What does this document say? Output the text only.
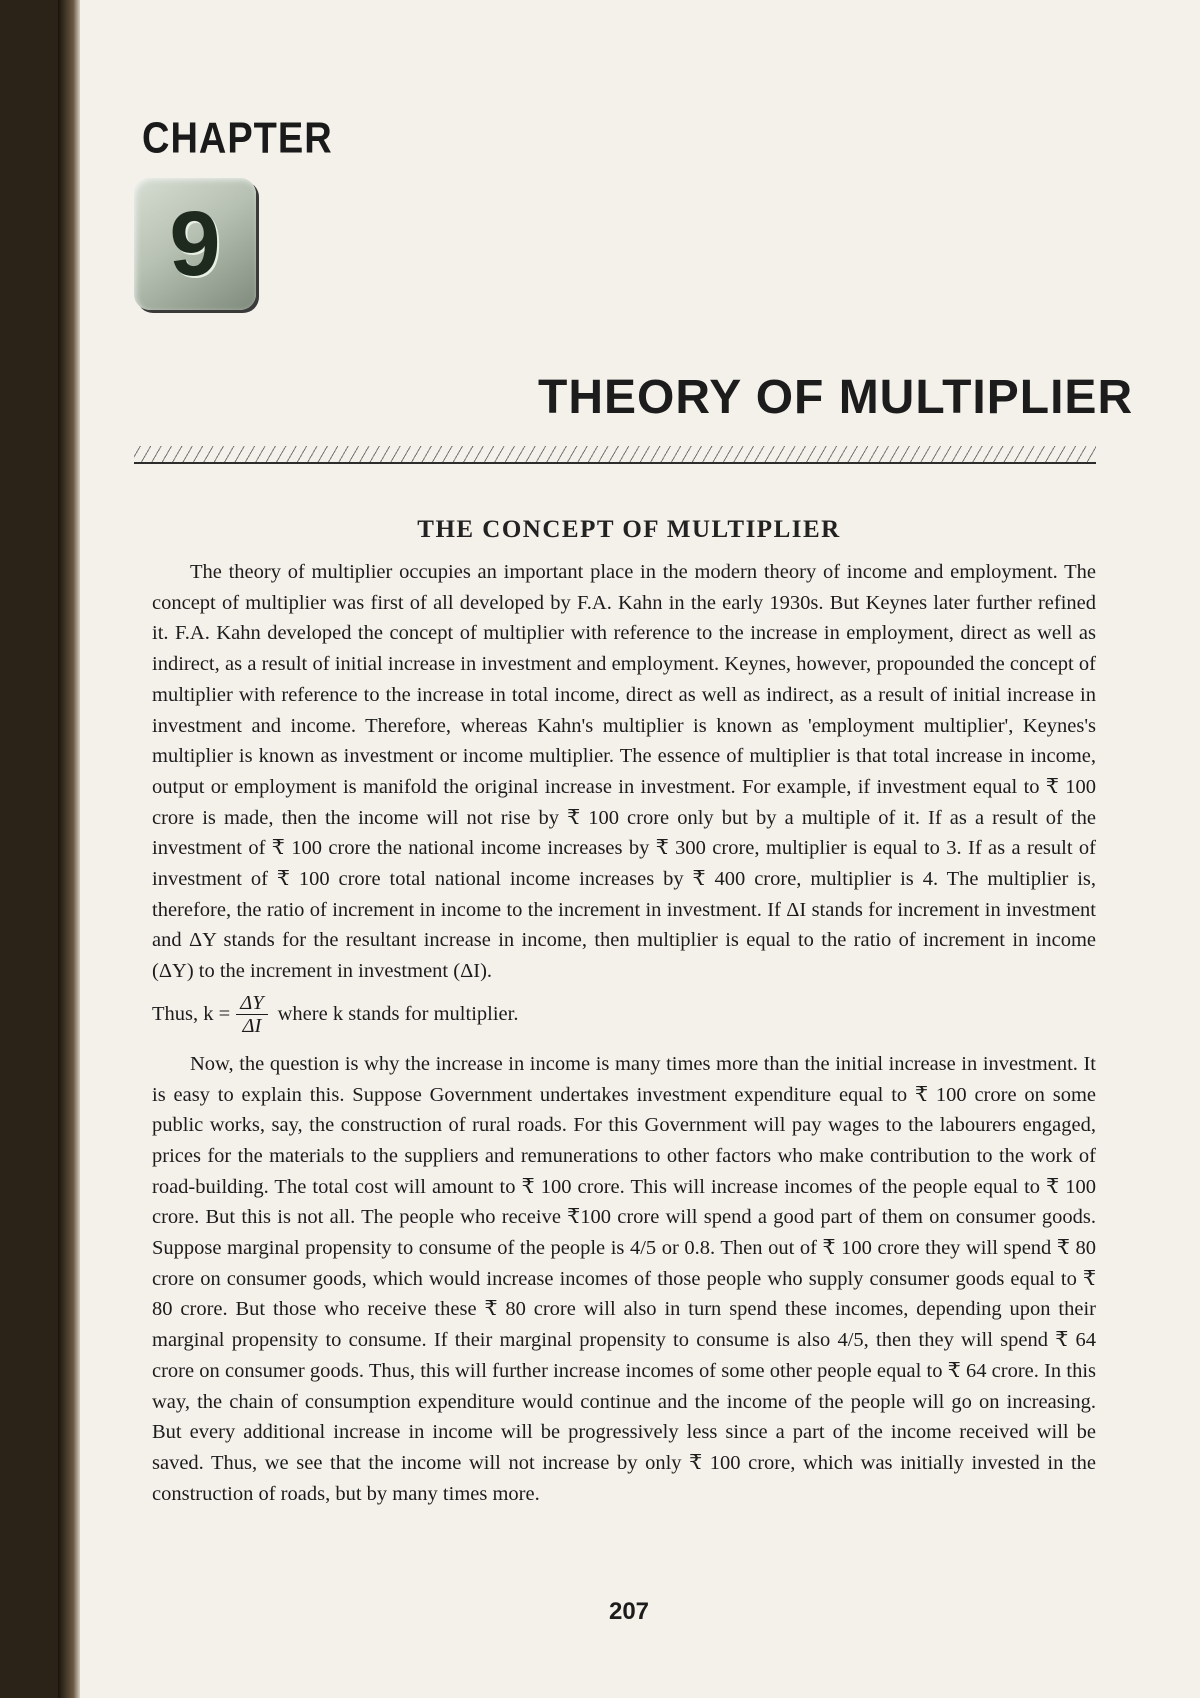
CHAPTER
9
THEORY OF MULTIPLIER
THE CONCEPT OF MULTIPLIER

The theory of multiplier occupies an important place in the modern theory of income and employment. The concept of multiplier was first of all developed by F.A. Kahn in the early 1930s. But Keynes later further refined it. F.A. Kahn developed the concept of multiplier with reference to the increase in employment, direct as well as indirect, as a result of initial increase in investment and employment. Keynes, however, propounded the concept of multiplier with reference to the increase in total income, direct as well as indirect, as a result of initial increase in investment and income. Therefore, whereas Kahn's multiplier is known as 'employment multiplier', Keynes's multiplier is known as investment or income multiplier. The essence of multiplier is that total increase in income, output or employment is manifold the original increase in investment. For example, if investment equal to ₹ 100 crore is made, then the income will not rise by ₹ 100 crore only but by a multiple of it. If as a result of the investment of ₹ 100 crore the national income increases by ₹ 300 crore, multiplier is equal to 3. If as a result of investment of ₹ 100 crore total national income increases by ₹ 400 crore, multiplier is 4. The multiplier is, therefore, the ratio of increment in income to the increment in investment. If ΔI stands for increment in investment and ΔY stands for the resultant increase in income, then multiplier is equal to the ratio of increment in income (ΔY) to the increment in investment (ΔI).

Thus, $k = \frac{\Delta Y}{\Delta I}$ where k stands for multiplier.

Now, the question is why the increase in income is many times more than the initial increase in investment. It is easy to explain this. Suppose Government undertakes investment expenditure equal to ₹ 100 crore on some public works, say, the construction of rural roads. For this Government will pay wages to the labourers engaged, prices for the materials to the suppliers and remunerations to other factors who make contribution to the work of road-building. The total cost will amount to ₹ 100 crore. This will increase incomes of the people equal to ₹ 100 crore. But this is not all. The people who receive ₹100 crore will spend a good part of them on consumer goods. Suppose marginal propensity to consume of the people is 4/5 or 0.8. Then out of ₹ 100 crore they will spend ₹ 80 crore on consumer goods, which would increase incomes of those people who supply consumer goods equal to ₹ 80 crore. But those who receive these ₹ 80 crore will also in turn spend these incomes, depending upon their marginal propensity to consume. If their marginal propensity to consume is also 4/5, then they will spend ₹ 64 crore on consumer goods. Thus, this will further increase incomes of some other people equal to ₹ 64 crore. In this way, the chain of consumption expenditure would continue and the income of the people will go on increasing. But every additional increase in income will be progressively less since a part of the income received will be saved. Thus, we see that the income will not increase by only ₹ 100 crore, which was initially invested in the construction of roads, but by many times more.

207
